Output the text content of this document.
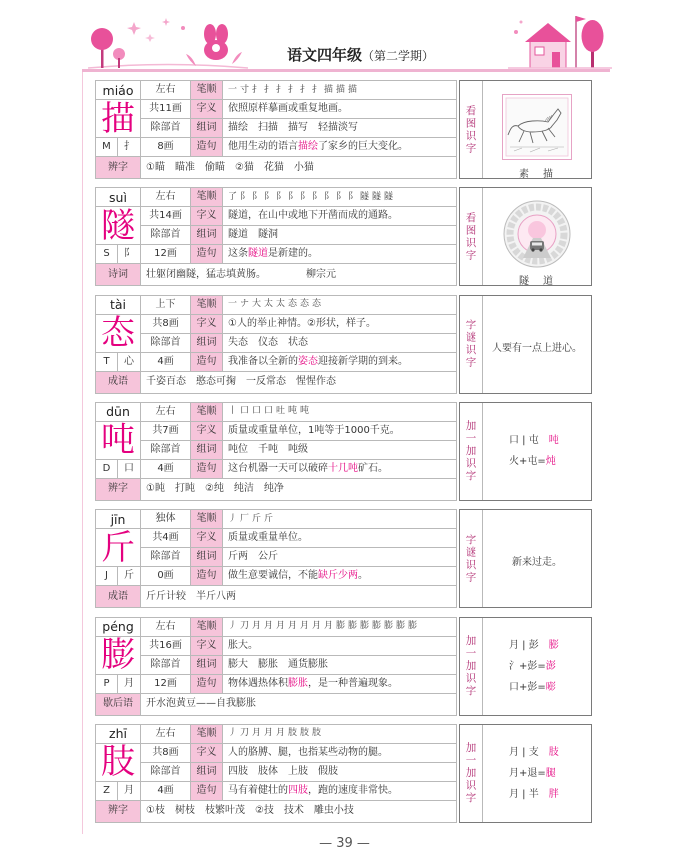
语文四年级（第二学期）
— 39 —
miáo		左右	笔顺	一寸扌扌扌扌扌扌描描描
描		共11画	字义	依照原样摹画或重复地画。
		除部首	组词	描绘　扫描　描写　轻描淡写
M	扌	8画	造句	他用生动的语言描绘了家乡的巨大变化。
辨字		①瞄　瞄准　偷瞄　②猫　花猫　小猫		
看图识字
素　描
suì		左右	笔顺	了阝阝阝阝阝阝阝阝阝阝隧隧隧
隧		共14画	字义	隧道，在山中或地下开凿而成的通路。
		除部首	组词	隧道　隧洞
S	阝	12画	造句	这条隧道是新建的。
诗词		壮躯闭幽隧，猛志填黄肠。 柳宗元		
看图识字
隧　道
tài		上下	笔顺	一ナ大太太态态态
态		共8画	字义	①人的举止神情。②形状，样子。
		除部首	组词	失态　仪态　状态
T	心	4画	造句	我准备以全新的姿态迎接新学期的到来。
成语		千姿百态　憨态可掬　一反常态　惺惺作态		
字谜识字	人要有一点上进心。
dūn		左右	笔顺	丨口口口吐吨吨
吨		共7画	字义	质量或重量单位，1吨等于1000千克。
		除部首	组词	吨位　千吨　吨级
D	口	4画	造句	这台机器一天可以破碎十几吨矿石。
辨字		①盹　打盹　②纯　纯洁　纯净		
加一加识字	口 | 屯　吨
火+屯=炖
jīn		独体	笔顺	丿厂斤斤
斤		共4画	字义	质量或重量单位。
		除部首	组词	斤两　公斤
J	斤	0画	造句	做生意要诚信，不能缺斤少两。
成语		斤斤计较　半斤八两		
字谜识字	新来过走。
péng		左右	笔顺	丿刀月月月月月月月膨膨膨膨膨膨膨
膨		共16画	字义	胀大。
		除部首	组词	膨大　膨胀　通货膨胀
P	月	12画	造句	物体遇热体积膨胀，是一种普遍现象。
歇后语		开水泡黄豆——自我膨胀		
加一加识字	月 | 彭　膨
氵+彭=澎
口+彭=嘭
zhī		左右	笔顺	丿刀月月月肢肢肢
肢		共8画	字义	人的胳膊、腿，也指某些动物的腿。
		除部首	组词	四肢　肢体　上肢　假肢
Z	月	4画	造句	马有着健壮的四肢，跑的速度非常快。
辨字		①枝　树枝　枝繁叶茂　②技　技术　雕虫小技		
加一加识字	月 | 支　肢
月+退=腿
月 | 半　胖
